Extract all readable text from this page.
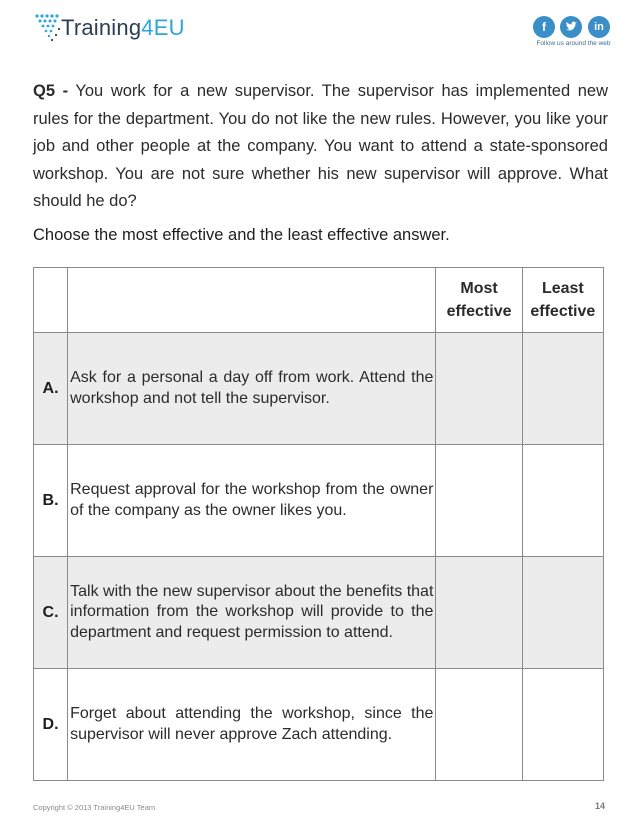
Training4EU	f	in
Follow us around the web
Q5 - You work for a new supervisor. The supervisor has implemented new rules for the department. You do not like the new rules. However, you like your job and other people at the company. You want to attend a state-sponsored workshop. You are not sure whether his new supervisor will approve. What should he do?
Choose the most effective and the least effective answer.
		Most effective	Least effective
A.	Ask for a personal a day off from work. Attend the workshop and not tell the supervisor.		
B.	Request approval for the workshop from the owner of the company as the owner likes you.		
C.	Talk with the new supervisor about the benefits that information from the workshop will provide to the department and request permission to attend.		
D.	Forget about attending the workshop, since the supervisor will never approve Zach attending.		
Copyright © 2013 Training4EU Team	14
